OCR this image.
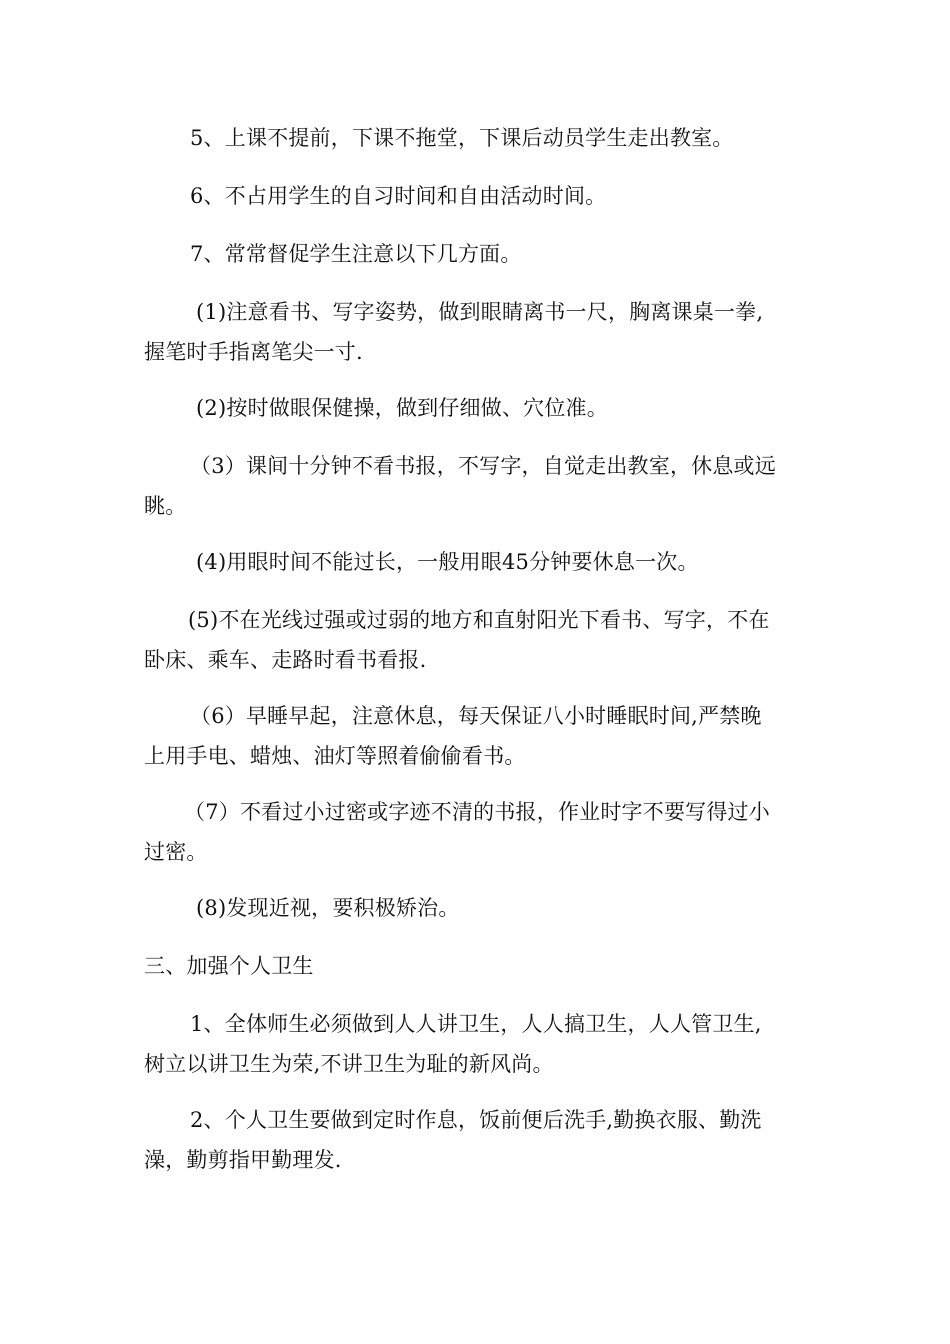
5、上课不提前，下课不拖堂，下课后动员学生走出教室。

6、不占用学生的自习时间和自由活动时间。

7、常常督促学生注意以下几方面。

(1)注意看书、写字姿势，做到眼睛离书一尺，胸离课桌一拳,
握笔时手指离笔尖一寸.

(2)按时做眼保健操，做到仔细做、穴位准。

（3）课间十分钟不看书报，不写字，自觉走出教室，休息或远
眺。

(4)用眼时间不能过长，一般用眼45分钟要休息一次。

(5)不在光线过强或过弱的地方和直射阳光下看书、写字，不在
卧床、乘车、走路时看书看报.

（6）早睡早起，注意休息，每天保证八小时睡眠时间,严禁晚
上用手电、蜡烛、油灯等照着偷偷看书。

（7）不看过小过密或字迹不清的书报，作业时字不要写得过小
过密。

(8)发现近视，要积极矫治。

三、加强个人卫生

1、全体师生必须做到人人讲卫生，人人搞卫生，人人管卫生,
树立以讲卫生为荣,不讲卫生为耻的新风尚。

2、个人卫生要做到定时作息，饭前便后洗手,勤换衣服、勤洗
澡，勤剪指甲勤理发.
